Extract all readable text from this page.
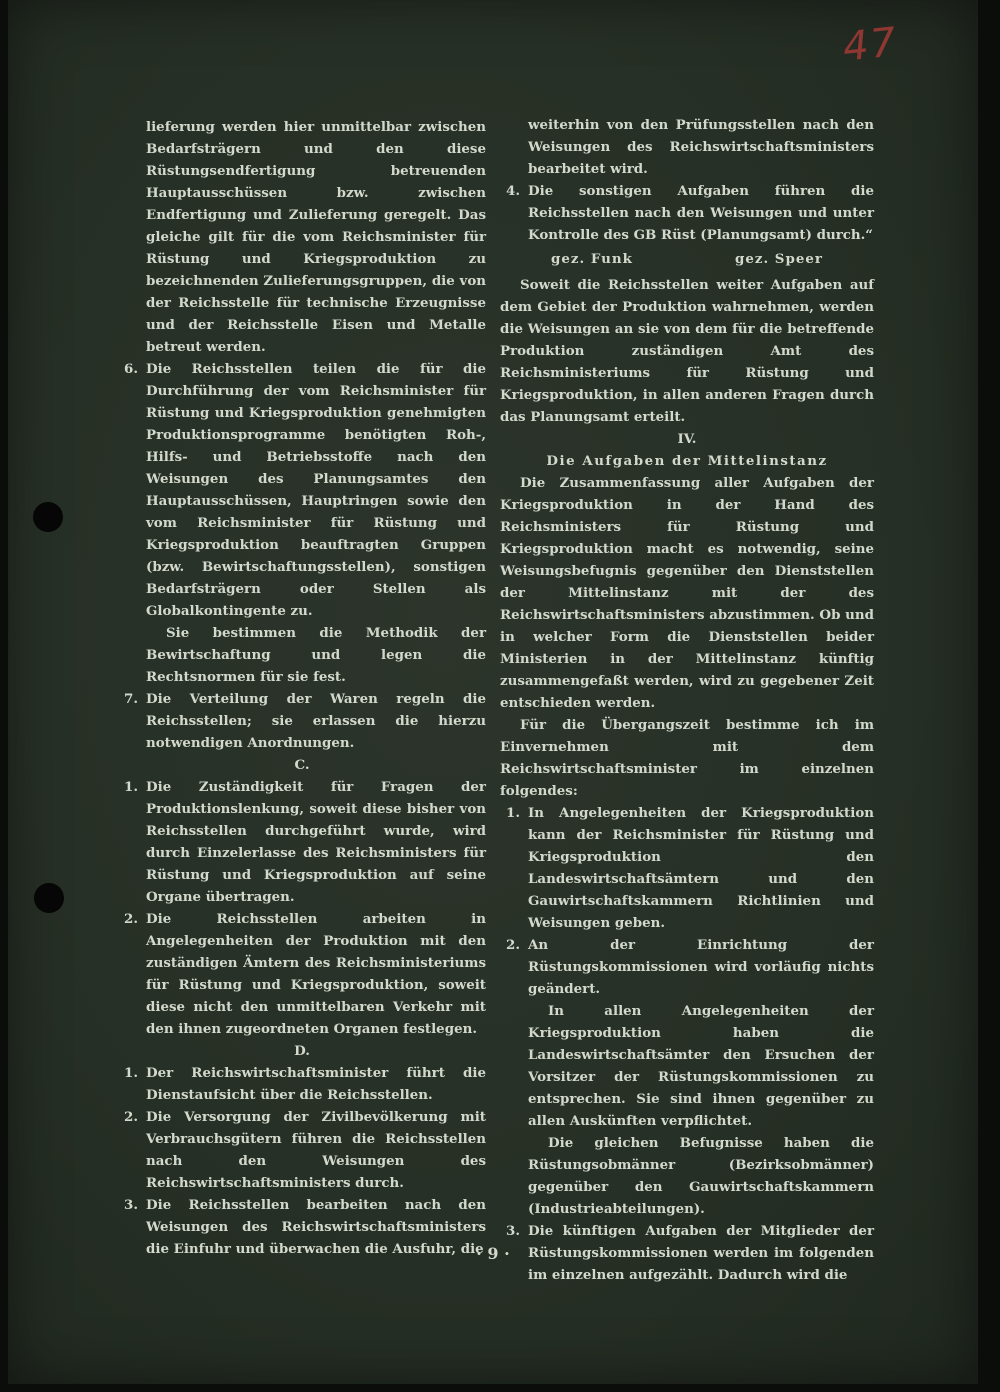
47

lieferung werden hier unmittelbar zwischen Bedarfsträgern und den diese Rüstungsendfertigung betreuenden Hauptausschüssen bzw. zwischen Endfertigung und Zulieferung geregelt. Das gleiche gilt für die vom Reichsminister für Rüstung und Kriegsproduktion zu bezeichnenden Zulieferungsgruppen, die von der Reichsstelle für technische Erzeugnisse und der Reichsstelle Eisen und Metalle betreut werden.

6. Die Reichsstellen teilen die für die Durchführung der vom Reichsminister für Rüstung und Kriegsproduktion genehmigten Produktionsprogramme benötigten Roh-, Hilfs- und Betriebsstoffe nach den Weisungen des Planungsamtes den Hauptausschüssen, Hauptringen sowie den vom Reichsminister für Rüstung und Kriegsproduktion beauftragten Gruppen (bzw. Bewirtschaftungsstellen), sonstigen Bedarfsträgern oder Stellen als Globalkontingente zu.

Sie bestimmen die Methodik der Bewirtschaftung und legen die Rechtsnormen für sie fest.

7. Die Verteilung der Waren regeln die Reichsstellen; sie erlassen die hierzu notwendigen Anordnungen.

C.

1. Die Zuständigkeit für Fragen der Produktionslenkung, soweit diese bisher von Reichsstellen durchgeführt wurde, wird durch Einzelerlasse des Reichsministers für Rüstung und Kriegsproduktion auf seine Organe übertragen.

2. Die Reichsstellen arbeiten in Angelegenheiten der Produktion mit den zuständigen Ämtern des Reichsministeriums für Rüstung und Kriegsproduktion, soweit diese nicht den unmittelbaren Verkehr mit den ihnen zugeordneten Organen festlegen.

D.

1. Der Reichswirtschaftsminister führt die Dienstaufsicht über die Reichsstellen.

2. Die Versorgung der Zivilbevölkerung mit Verbrauchsgütern führen die Reichsstellen nach den Weisungen des Reichswirtschaftsministers durch.

3. Die Reichsstellen bearbeiten nach den Weisungen des Reichswirtschaftsministers die Einfuhr und überwachen die Ausfuhr, die

weiterhin von den Prüfungsstellen nach den Weisungen des Reichswirtschaftsministers bearbeitet wird.

4. Die sonstigen Aufgaben führen die Reichsstellen nach den Weisungen und unter Kontrolle des GB Rüst (Planungsamt) durch.“

gez. Funk	gez. Speer

Soweit die Reichsstellen weiter Aufgaben auf dem Gebiet der Produktion wahrnehmen, werden die Weisungen an sie von dem für die betreffende Produktion zuständigen Amt des Reichsministeriums für Rüstung und Kriegsproduktion, in allen anderen Fragen durch das Planungsamt erteilt.

IV.

Die Aufgaben der Mittelinstanz

Die Zusammenfassung aller Aufgaben der Kriegsproduktion in der Hand des Reichsministers für Rüstung und Kriegsproduktion macht es notwendig, seine Weisungsbefugnis gegenüber den Dienststellen der Mittelinstanz mit der des Reichswirtschaftsministers abzustimmen. Ob und in welcher Form die Dienststellen beider Ministerien in der Mittelinstanz künftig zusammengefaßt werden, wird zu gegebener Zeit entschieden werden.

Für die Übergangszeit bestimme ich im Einvernehmen mit dem Reichswirtschaftsminister im einzelnen folgendes:

1. In Angelegenheiten der Kriegsproduktion kann der Reichsminister für Rüstung und Kriegsproduktion den Landeswirtschaftsämtern und den Gauwirtschaftskammern Richtlinien und Weisungen geben.

2. An der Einrichtung der Rüstungskommissionen wird vorläufig nichts geändert.

In allen Angelegenheiten der Kriegsproduktion haben die Landeswirtschaftsämter den Ersuchen der Vorsitzer der Rüstungskommissionen zu entsprechen. Sie sind ihnen gegenüber zu allen Auskünften verpflichtet.

Die gleichen Befugnisse haben die Rüstungsobmänner (Bezirksobmänner) gegenüber den Gauwirtschaftskammern (Industrieabteilungen).

3. Die künftigen Aufgaben der Mitglieder der Rüstungskommissionen werden im folgenden im einzelnen aufgezählt. Dadurch wird die

· 9 ·
